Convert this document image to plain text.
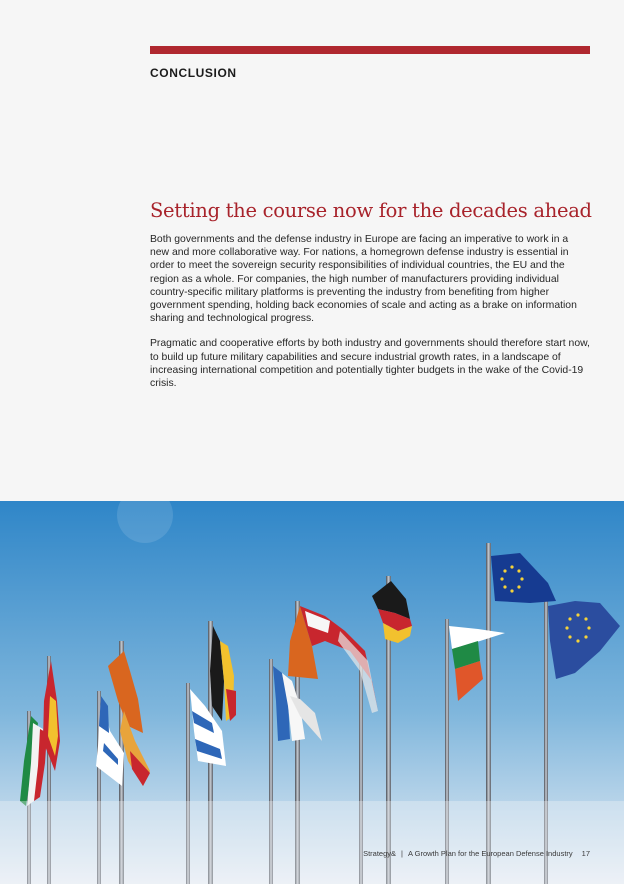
CONCLUSION
Setting the course now for the decades ahead

Both governments and the defense industry in Europe are facing an imperative to work in a new and more collaborative way. For nations, a homegrown defense industry is essential in order to meet the sovereign security responsibilities of individual countries, the EU and the region as a whole. For companies, the high number of manufacturers providing individual country-specific military platforms is preventing the industry from benefiting from higher government spending, holding back economies of scale and acting as a brake on information sharing and technological progress.

Pragmatic and cooperative efforts by both industry and governments should therefore start now, to build up future military capabilities and secure industrial growth rates, in a landscape of increasing international competition and potentially tighter budgets in the wake of the Covid-19 crisis.

Strategy& | A Growth Plan for the European Defense Industry 17
